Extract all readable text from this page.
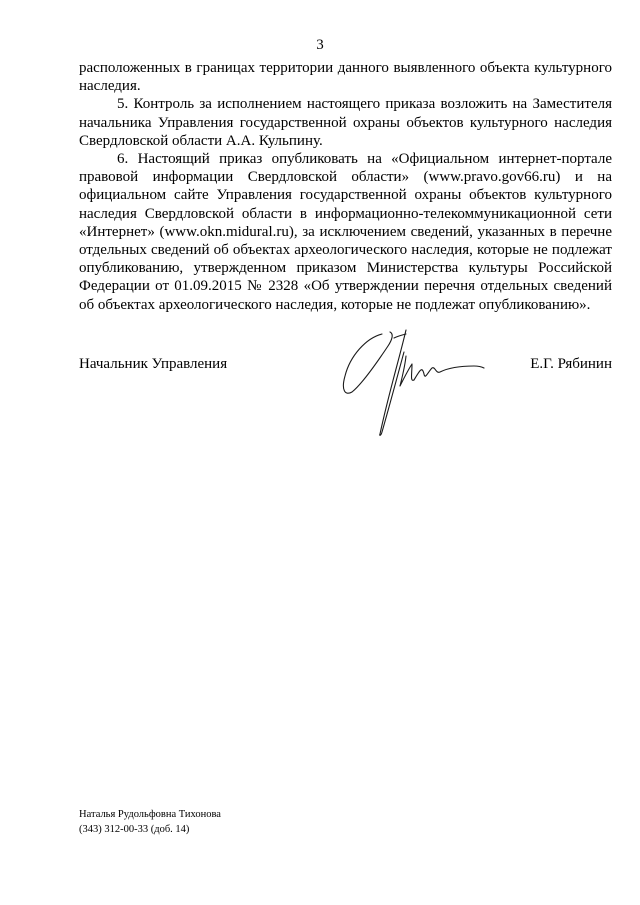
3

расположенных в границах территории данного выявленного объекта культурного наследия.

5. Контроль за исполнением настоящего приказа возложить на Заместителя начальника Управления государственной охраны объектов культурного наследия Свердловской области А.А. Кульпину.

6. Настоящий приказ опубликовать на «Официальном интернет-портале правовой информации Свердловской области» (www.pravo.gov66.ru) и на официальном сайте Управления государственной охраны объектов культурного наследия Свердловской области в информационно-телекоммуникационной сети «Интернет» (www.okn.midural.ru), за исключением сведений, указанных в перечне отдельных сведений об объектах археологического наследия, которые не подлежат опубликованию, утвержденном приказом Министерства культуры Российской Федерации от 01.09.2015 № 2328 «Об утверждении перечня отдельных сведений об объектах археологического наследия, которые не подлежат опубликованию».

Начальник Управления	Е.Г. Рябинин
Наталья Рудольфовна Тихонова
(343) 312-00-33 (доб. 14)
